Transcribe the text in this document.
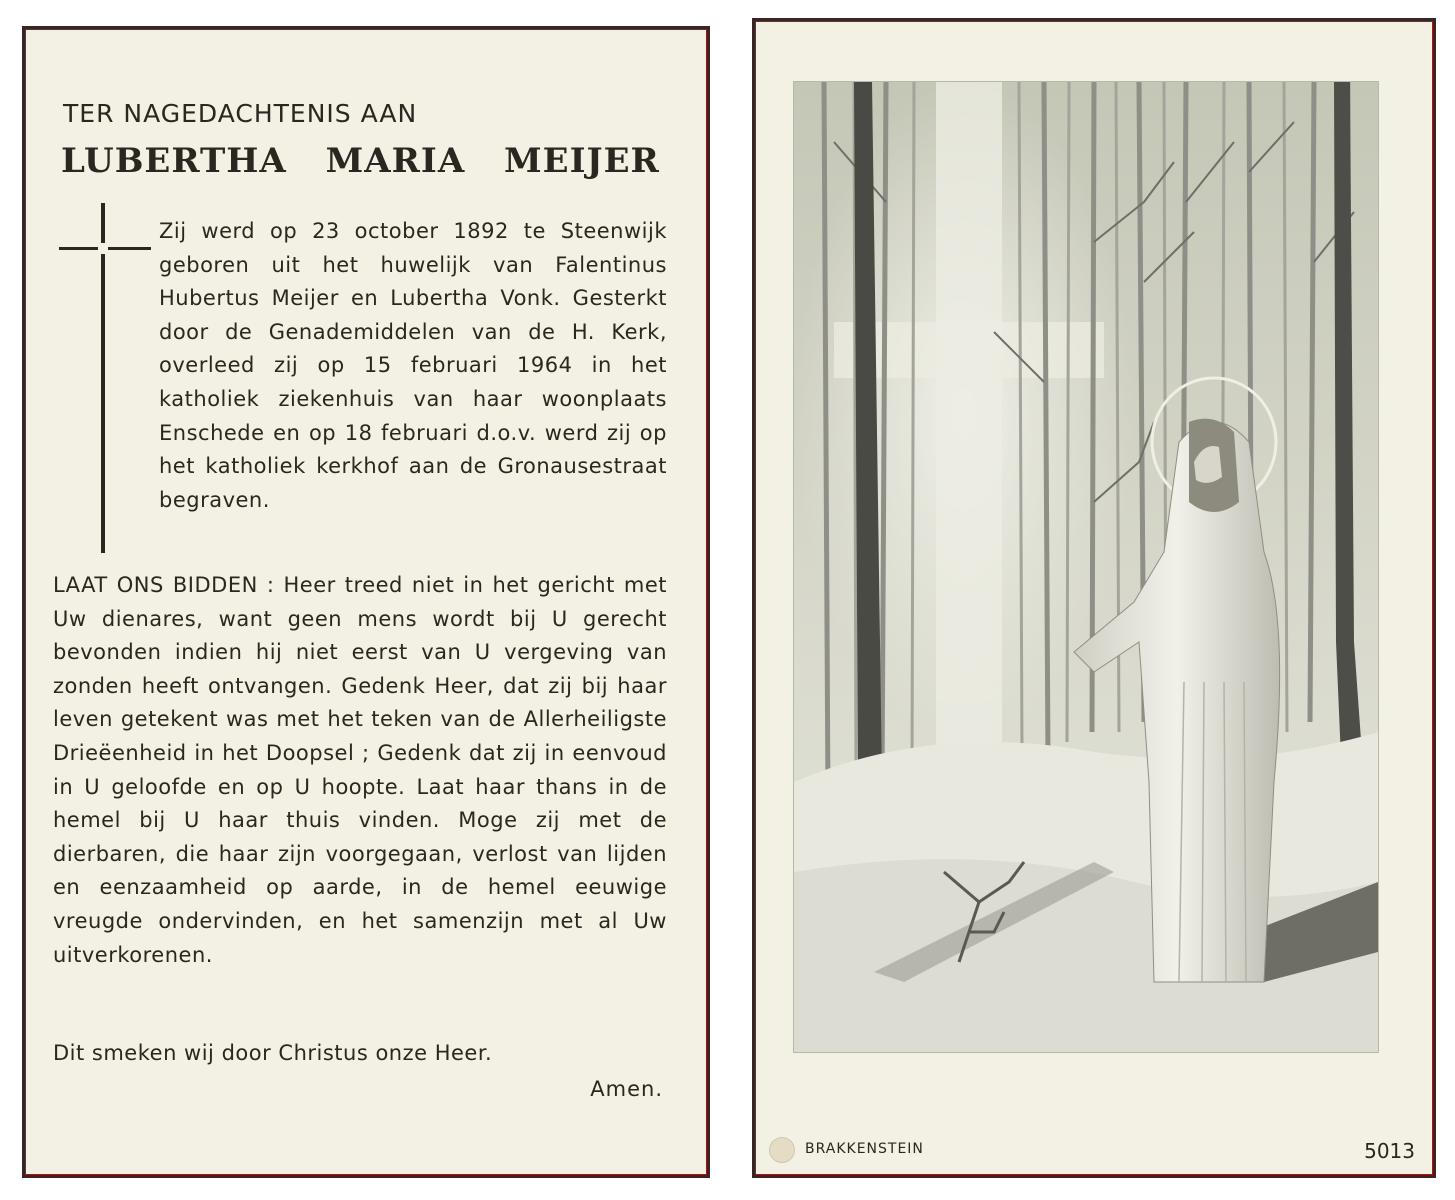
TER NAGEDACHTENIS AAN
LUBERTHA MARIA MEIJER
Zij werd op 23 october 1892 te Steenwijk geboren uit het huwelijk van Falentinus Hubertus Meijer en Lubertha Vonk. Gesterkt door de Genademiddelen van de H. Kerk, overleed zij op 15 februari 1964 in het katholiek ziekenhuis van haar woonplaats Enschede en op 18 februari d.o.v. werd zij op het katholiek kerkhof aan de Gronausestraat begraven.
LAAT ONS BIDDEN : Heer treed niet in het gericht met Uw dienares, want geen mens wordt bij U gerecht bevonden indien hij niet eerst van U vergeving van zonden heeft ontvangen. Gedenk Heer, dat zij bij haar leven getekent was met het teken van de Allerheiligste Drieëenheid in het Doopsel ; Gedenk dat zij in eenvoud in U geloofde en op U hoopte. Laat haar thans in de hemel bij U haar thuis vinden. Moge zij met de dierbaren, die haar zijn voorgegaan, verlost van lijden en eenzaamheid op aarde, in de hemel eeuwige vreugde ondervinden, en het samenzijn met al Uw uitverkorenen.
Dit smeken wij door Christus onze Heer.
Amen.
BRAKKENSTEIN	5013
